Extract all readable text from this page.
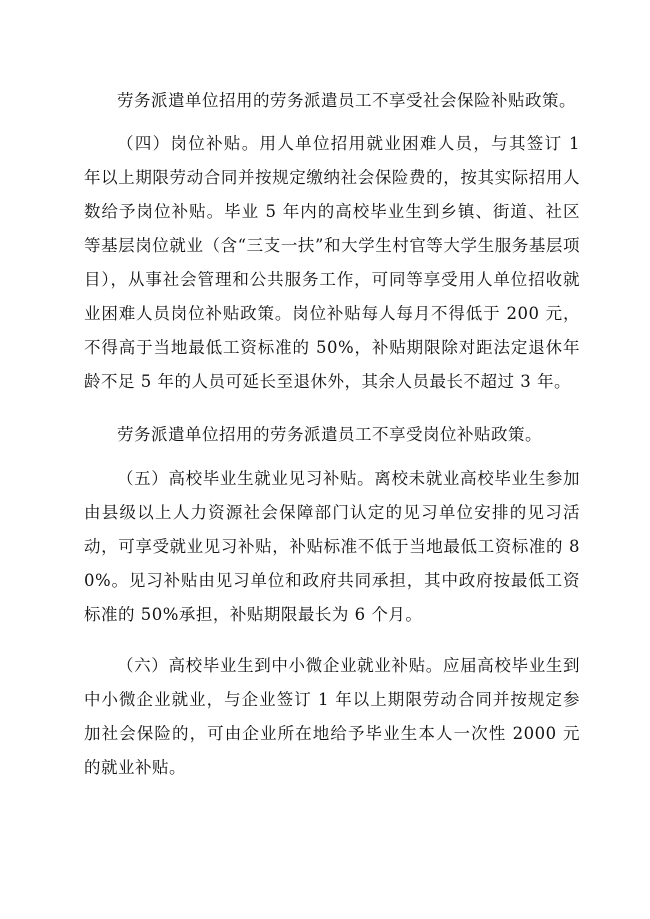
劳务派遣单位招用的劳务派遣员工不享受社会保险补贴政策。

（四）岗位补贴。用人单位招用就业困难人员，与其签订 1 年以上期限劳动合同并按规定缴纳社会保险费的，按其实际招用人数给予岗位补贴。毕业 5 年内的高校毕业生到乡镇、街道、社区等基层岗位就业（含“三支一扶”和大学生村官等大学生服务基层项目），从事社会管理和公共服务工作，可同等享受用人单位招收就业困难人员岗位补贴政策。岗位补贴每人每月不得低于 200 元，不得高于当地最低工资标准的 50%，补贴期限除对距法定退休年龄不足 5 年的人员可延长至退休外，其余人员最长不超过 3 年。

劳务派遣单位招用的劳务派遣员工不享受岗位补贴政策。

（五）高校毕业生就业见习补贴。离校未就业高校毕业生参加由县级以上人力资源社会保障部门认定的见习单位安排的见习活动，可享受就业见习补贴，补贴标准不低于当地最低工资标准的 80%。见习补贴由见习单位和政府共同承担，其中政府按最低工资标准的 50%承担，补贴期限最长为 6 个月。

（六）高校毕业生到中小微企业就业补贴。应届高校毕业生到中小微企业就业，与企业签订 1 年以上期限劳动合同并按规定参加社会保险的，可由企业所在地给予毕业生本人一次性 2000 元的就业补贴。
